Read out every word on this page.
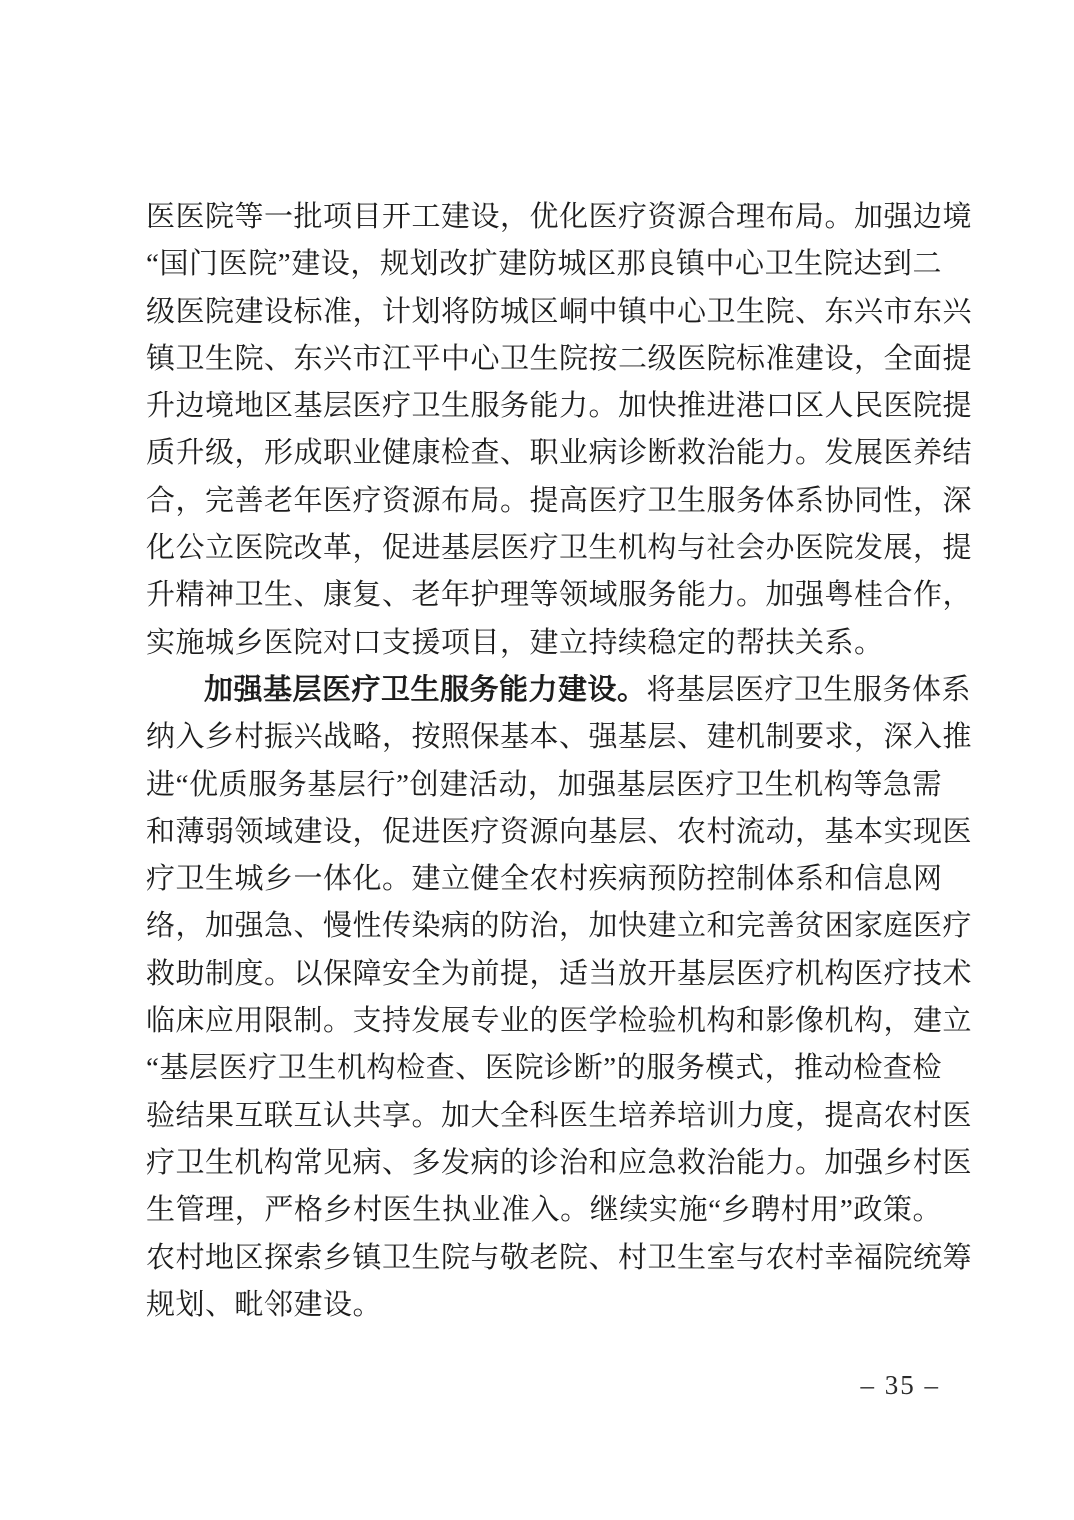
医医院等一批项目开工建设，优化医疗资源合理布局。加强边境
“国门医院”建设，规划改扩建防城区那良镇中心卫生院达到二
级医院建设标准，计划将防城区峒中镇中心卫生院、东兴市东兴
镇卫生院、东兴市江平中心卫生院按二级医院标准建设，全面提
升边境地区基层医疗卫生服务能力。加快推进港口区人民医院提
质升级，形成职业健康检查、职业病诊断救治能力。发展医养结
合，完善老年医疗资源布局。提高医疗卫生服务体系协同性，深
化公立医院改革，促进基层医疗卫生机构与社会办医院发展，提
升精神卫生、康复、老年护理等领域服务能力。加强粤桂合作，
实施城乡医院对口支援项目，建立持续稳定的帮扶关系。
加强基层医疗卫生服务能力建设。将基层医疗卫生服务体系
纳入乡村振兴战略，按照保基本、强基层、建机制要求，深入推
进“优质服务基层行”创建活动，加强基层医疗卫生机构等急需
和薄弱领域建设，促进医疗资源向基层、农村流动，基本实现医
疗卫生城乡一体化。建立健全农村疾病预防控制体系和信息网
络，加强急、慢性传染病的防治，加快建立和完善贫困家庭医疗
救助制度。以保障安全为前提，适当放开基层医疗机构医疗技术
临床应用限制。支持发展专业的医学检验机构和影像机构，建立
“基层医疗卫生机构检查、医院诊断”的服务模式，推动检查检
验结果互联互认共享。加大全科医生培养培训力度，提高农村医
疗卫生机构常见病、多发病的诊治和应急救治能力。加强乡村医
生管理，严格乡村医生执业准入。继续实施“乡聘村用”政策。
农村地区探索乡镇卫生院与敬老院、村卫生室与农村幸福院统筹
规划、毗邻建设。
– 35 –
